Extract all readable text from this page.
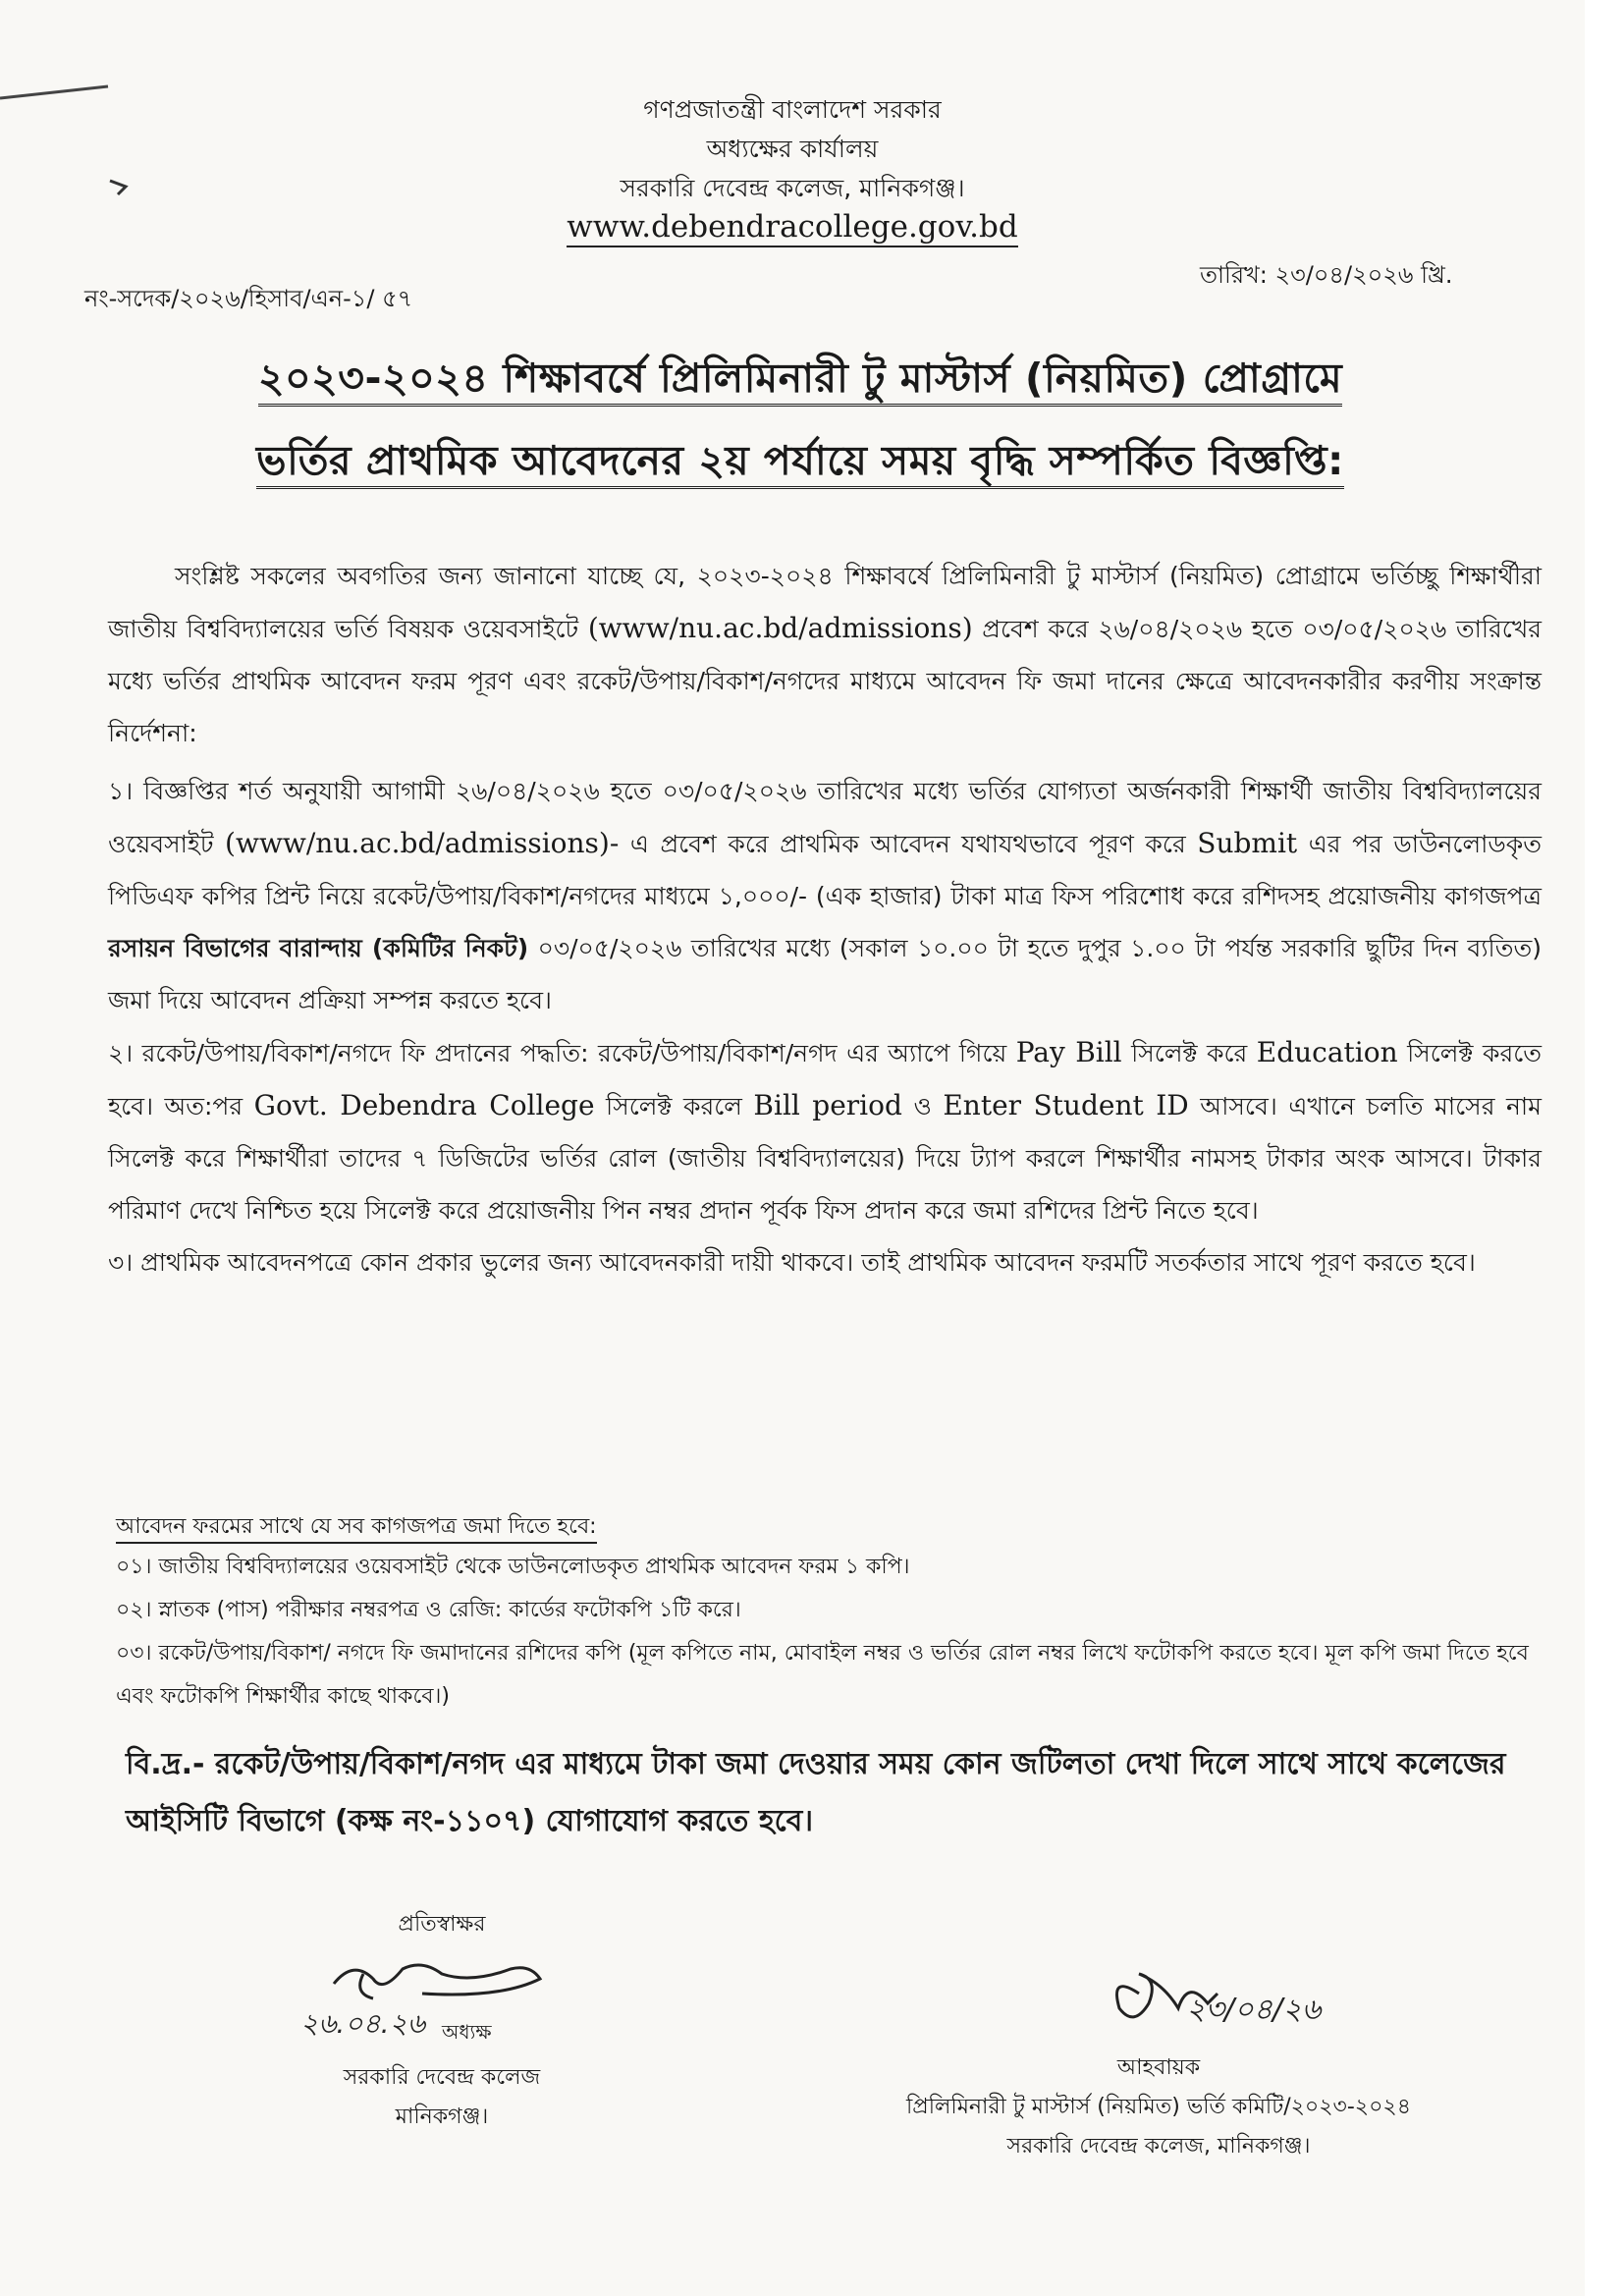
গণপ্রজাতন্ত্রী বাংলাদেশ সরকার

অধ্যক্ষের কার্যালয়

সরকারি দেবেন্দ্র কলেজ, মানিকগঞ্জ।

www.debendracollege.gov.bd
তারিখ: ২৩/০৪/২০২৬ খ্রি.
নং-সদেক/২০২৬/হিসাব/এন-১/ ৫৭
২০২৩-২০২৪ শিক্ষাবর্ষে প্রিলিমিনারী টু মাস্টার্স (নিয়মিত) প্রোগ্রামে
ভর্তির প্রাথমিক আবেদনের ২য় পর্যায়ে সময় বৃদ্ধি সম্পর্কিত বিজ্ঞপ্তি:

সংশ্লিষ্ট সকলের অবগতির জন্য জানানো যাচ্ছে যে, ২০২৩-২০২৪ শিক্ষাবর্ষে প্রিলিমিনারী টু মাস্টার্স (নিয়মিত) প্রোগ্রামে ভর্তিচ্ছু শিক্ষার্থীরা জাতীয় বিশ্ববিদ্যালয়ের ভর্তি বিষয়ক ওয়েবসাইটে (www/nu.ac.bd/admissions) প্রবেশ করে ২৬/০৪/২০২৬ হতে ০৩/০৫/২০২৬ তারিখের মধ্যে ভর্তির প্রাথমিক আবেদন ফরম পূরণ এবং রকেট/উপায়/বিকাশ/নগদের মাধ্যমে আবেদন ফি জমা দানের ক্ষেত্রে আবেদনকারীর করণীয় সংক্রান্ত নির্দেশনা:

১। বিজ্ঞপ্তির শর্ত অনুযায়ী আগামী ২৬/০৪/২০২৬ হতে ০৩/০৫/২০২৬ তারিখের মধ্যে ভর্তির যোগ্যতা অর্জনকারী শিক্ষার্থী জাতীয় বিশ্ববিদ্যালয়ের ওয়েবসাইট (www/nu.ac.bd/admissions)- এ প্রবেশ করে প্রাথমিক আবেদন যথাযথভাবে পূরণ করে Submit এর পর ডাউনলোডকৃত পিডিএফ কপির প্রিন্ট নিয়ে রকেট/উপায়/বিকাশ/নগদের মাধ্যমে ১,০০০/- (এক হাজার) টাকা মাত্র ফিস পরিশোধ করে রশিদসহ প্রয়োজনীয় কাগজপত্র রসায়ন বিভাগের বারান্দায় (কমিটির নিকট) ০৩/০৫/২০২৬ তারিখের মধ্যে (সকাল ১০.০০ টা হতে দুপুর ১.০০ টা পর্যন্ত সরকারি ছুটির দিন ব্যতিত) জমা দিয়ে আবেদন প্রক্রিয়া সম্পন্ন করতে হবে।

২। রকেট/উপায়/বিকাশ/নগদে ফি প্রদানের পদ্ধতি: রকেট/উপায়/বিকাশ/নগদ এর অ্যাপে গিয়ে Pay Bill সিলেক্ট করে Education সিলেক্ট করতে হবে। অত:পর Govt. Debendra College সিলেক্ট করলে Bill period ও Enter Student ID আসবে। এখানে চলতি মাসের নাম সিলেক্ট করে শিক্ষার্থীরা তাদের ৭ ডিজিটের ভর্তির রোল (জাতীয় বিশ্ববিদ্যালয়ের) দিয়ে ট্যাপ করলে শিক্ষার্থীর নামসহ টাকার অংক আসবে। টাকার পরিমাণ দেখে নিশ্চিত হয়ে সিলেক্ট করে প্রয়োজনীয় পিন নম্বর প্রদান পূর্বক ফিস প্রদান করে জমা রশিদের প্রিন্ট নিতে হবে।

৩। প্রাথমিক আবেদনপত্রে কোন প্রকার ভুলের জন্য আবেদনকারী দায়ী থাকবে। তাই প্রাথমিক আবেদন ফরমটি সতর্কতার সাথে পূরণ করতে হবে।

আবেদন ফরমের সাথে যে সব কাগজপত্র জমা দিতে হবে:

০১। জাতীয় বিশ্ববিদ্যালয়ের ওয়েবসাইট থেকে ডাউনলোডকৃত প্রাথমিক আবেদন ফরম ১ কপি।

০২। স্নাতক (পাস) পরীক্ষার নম্বরপত্র ও রেজি: কার্ডের ফটোকপি ১টি করে।

০৩। রকেট/উপায়/বিকাশ/ নগদে ফি জমাদানের রশিদের কপি (মূল কপিতে নাম, মোবাইল নম্বর ও ভর্তির রোল নম্বর লিখে ফটোকপি করতে হবে। মূল কপি জমা দিতে হবে এবং ফটোকপি শিক্ষার্থীর কাছে থাকবে।)

বি.দ্র.- রকেট/উপায়/বিকাশ/নগদ এর মাধ্যমে টাকা জমা দেওয়ার সময় কোন জটিলতা দেখা দিলে সাথে সাথে কলেজের আইসিটি বিভাগে (কক্ষ নং-১১০৭) যোগাযোগ করতে হবে।

প্রতিস্বাক্ষর

২৬.০৪.২৬ অধ্যক্ষ

সরকারি দেবেন্দ্র কলেজ

মানিকগঞ্জ।

২৩/০৪/২৬

আহবায়ক

প্রিলিমিনারী টু মাস্টার্স (নিয়মিত) ভর্তি কমিটি/২০২৩-২০২৪

সরকারি দেবেন্দ্র কলেজ, মানিকগঞ্জ।
